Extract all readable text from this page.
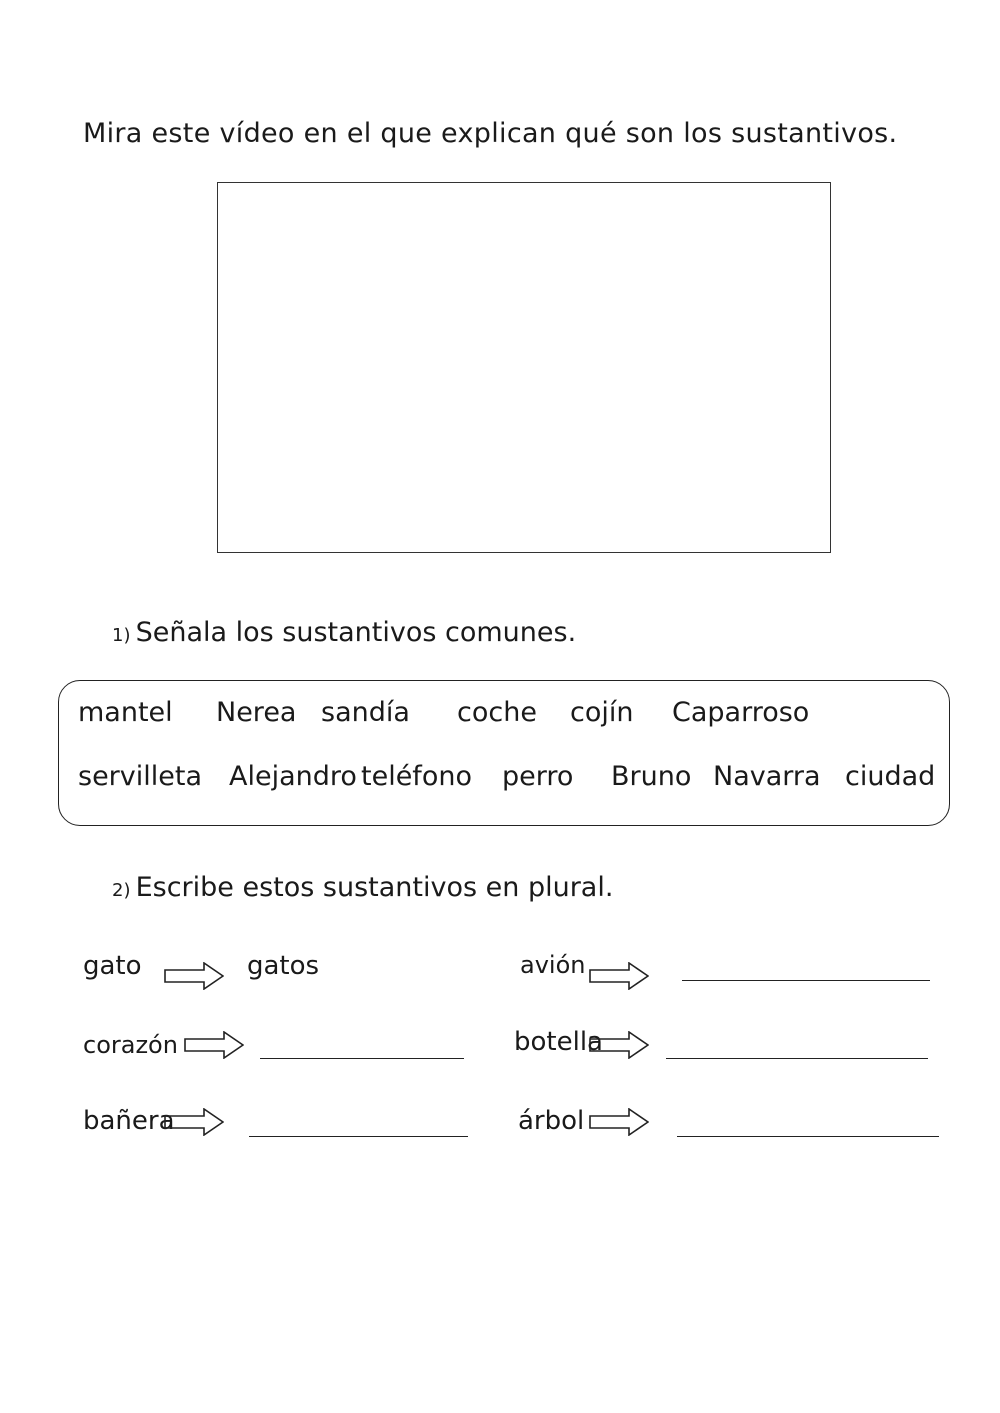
Mira este vídeo en el que explican qué son los sustantivos.
1) Señala los sustantivos comunes.
mantel Nerea sandía coche cojín Caparroso
servilleta Alejandro teléfono perro Bruno Navarra ciudad
2) Escribe estos sustantivos en plural.
gato	gatos	avión
corazón	botella
bañera	árbol
